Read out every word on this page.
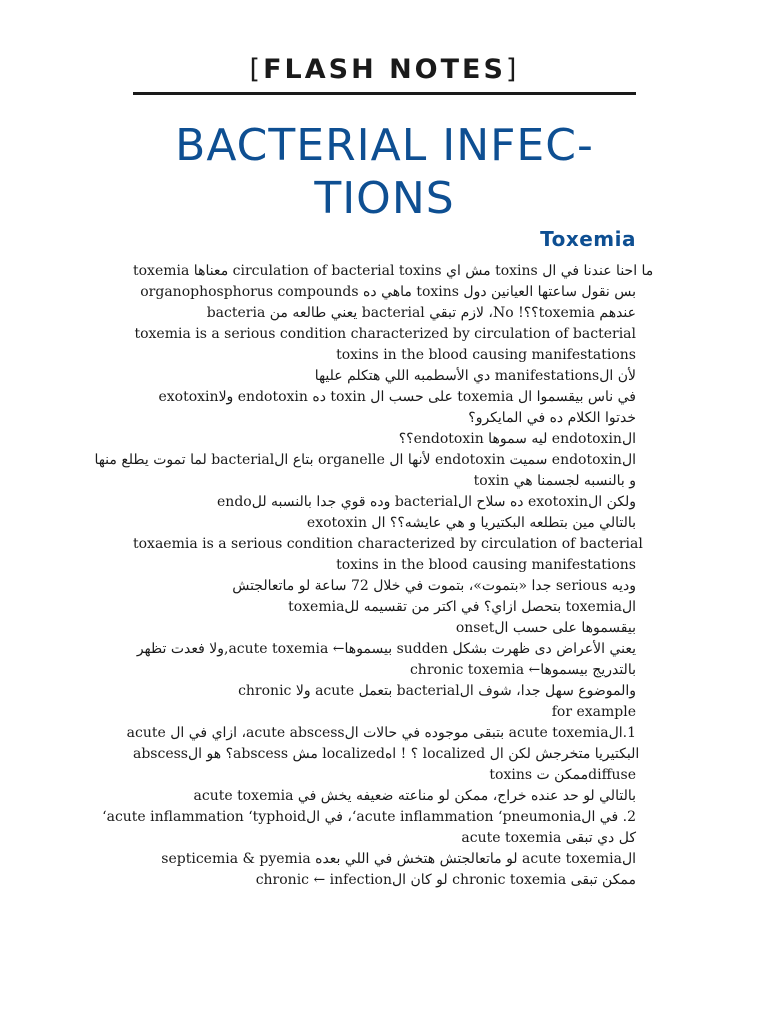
[FLASH NOTES]
BACTERIAL INFEC-
TIONS
Toxemia
toxemia معناها circulation of bacterial toxins مش اي toxins ما احنا عندنا في ال
organophosphorus compounds ماهي ده toxins بس نقول ساعتها العيانين دول
عندهم toxemia؟؟! No، لازم تبقي bacterial يعني طالعه من bacteria
toxemia is a serious condition characterized by circulation of bacterial
toxins in the blood causing manifestations
لأن الmanifestations دي الأسطمبه اللي هتكلم عليها
في ناس بيقسموا ال toxemia على حسب ال toxin ده endotoxin ولاexotoxin
خدتوا الكلام ده في المايكرو؟
الendotoxin ليه سموها endotoxin؟؟
الendotoxin سميت endotoxin لأنها ال organelle بتاع الbacterial لما تموت يطلع منها
و بالنسبه لجسمنا هي toxin
ولكن الexotoxin ده سلاح الbacterial وده قوي جدا بالنسبه للendo
بالتالي مين بتطلعه البكتيريا و هي عايشه؟؟ ال exotoxin
toxaemia is a serious condition characterized by circulation of bacterial
toxins in the blood causing manifestations
وديه serious جدا «بتموت»، بتموت في خلال 72 ساعة لو ماتعالجتش
الtoxemia بتحصل ازاي؟ في اكتر من تقسيمه للtoxemia
بيقسموها على حسب الonset
يعني الأعراض دى ظهرت بشكل sudden بيسموها← acute toxemia,ولا فعدت تظهر
بالتدريج بيسموها← chronic toxemia
والموضوع سهل جدا، شوف الbacterial بتعمل acute ولا chronic
for example
1.الacute toxemia بتبقى موجوده في حالات الacute abscess، ازاي في ال acute
abscess؟ هو الabscess مش localized؟ ! اه localized البكتيريا متخرجش لكن ال
toxins ممكن تdiffuse
بالتالي لو حد عنده خراج، ممكن لو مناعته ضعيفه يخش في acute toxemia
2. في الacute inflammation ‘pneumonia‘، في الacute inflammation ‘typhoid‘
كل دي تبقى acute toxemia
الacute toxemia لو ماتعالجتش هتخش في اللي بعده septicemia & pyemia
ممكن تبقى chronic toxemia لو كان الchronic ← infection
